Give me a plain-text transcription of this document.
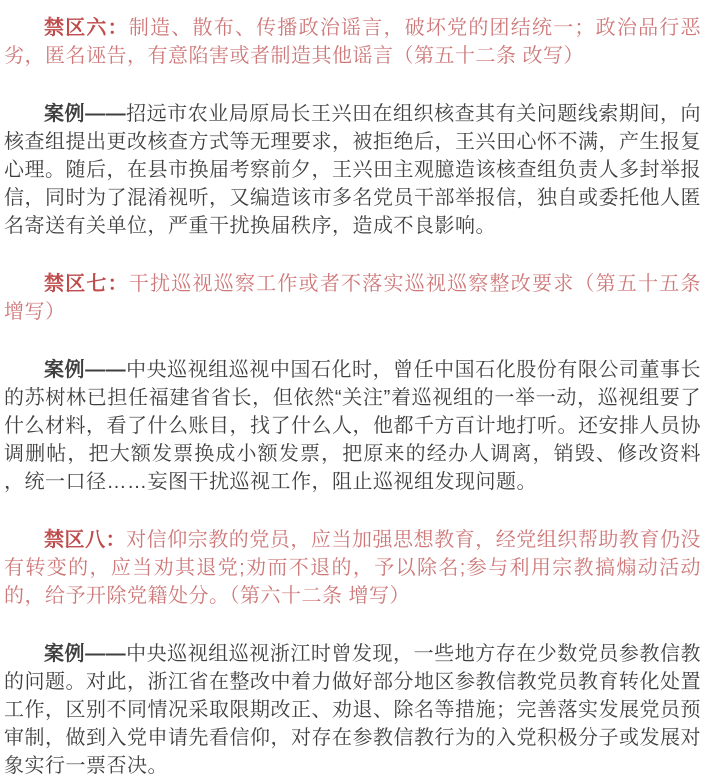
禁区六：制造、散布、传播政治谣言，破坏党的团结统一；政治品行恶劣，匿名诬告，有意陷害或者制造其他谣言（第五十二条 改写）

案例——招远市农业局原局长王兴田在组织核查其有关问题线索期间，向核查组提出更改核查方式等无理要求，被拒绝后，王兴田心怀不满，产生报复心理。随后，在县市换届考察前夕，王兴田主观臆造该核查组负责人多封举报信，同时为了混淆视听，又编造该市多名党员干部举报信，独自或委托他人匿名寄送有关单位，严重干扰换届秩序，造成不良影响。

禁区七：干扰巡视巡察工作或者不落实巡视巡察整改要求（第五十五条 增写）

案例——中央巡视组巡视中国石化时，曾任中国石化股份有限公司董事长的苏树林已担任福建省省长，但依然“关注”着巡视组的一举一动，巡视组要了什么材料，看了什么账目，找了什么人，他都千方百计地打听。还安排人员协调删帖，把大额发票换成小额发票，把原来的经办人调离，销毁、修改资料 ，统一口径……妄图干扰巡视工作，阻止巡视组发现问题。

禁区八：对信仰宗教的党员，应当加强思想教育，经党组织帮助教育仍没有转变的，应当劝其退党;劝而不退的，予以除名;参与利用宗教搞煽动活动的，给予开除党籍处分。（第六十二条 增写）

案例——中央巡视组巡视浙江时曾发现，一些地方存在少数党员参教信教的问题。对此，浙江省在整改中着力做好部分地区参教信教党员教育转化处置工作，区别不同情况采取限期改正、劝退、除名等措施；完善落实发展党员预审制，做到入党申请先看信仰，对存在参教信教行为的入党积极分子或发展对象实行一票否决。
